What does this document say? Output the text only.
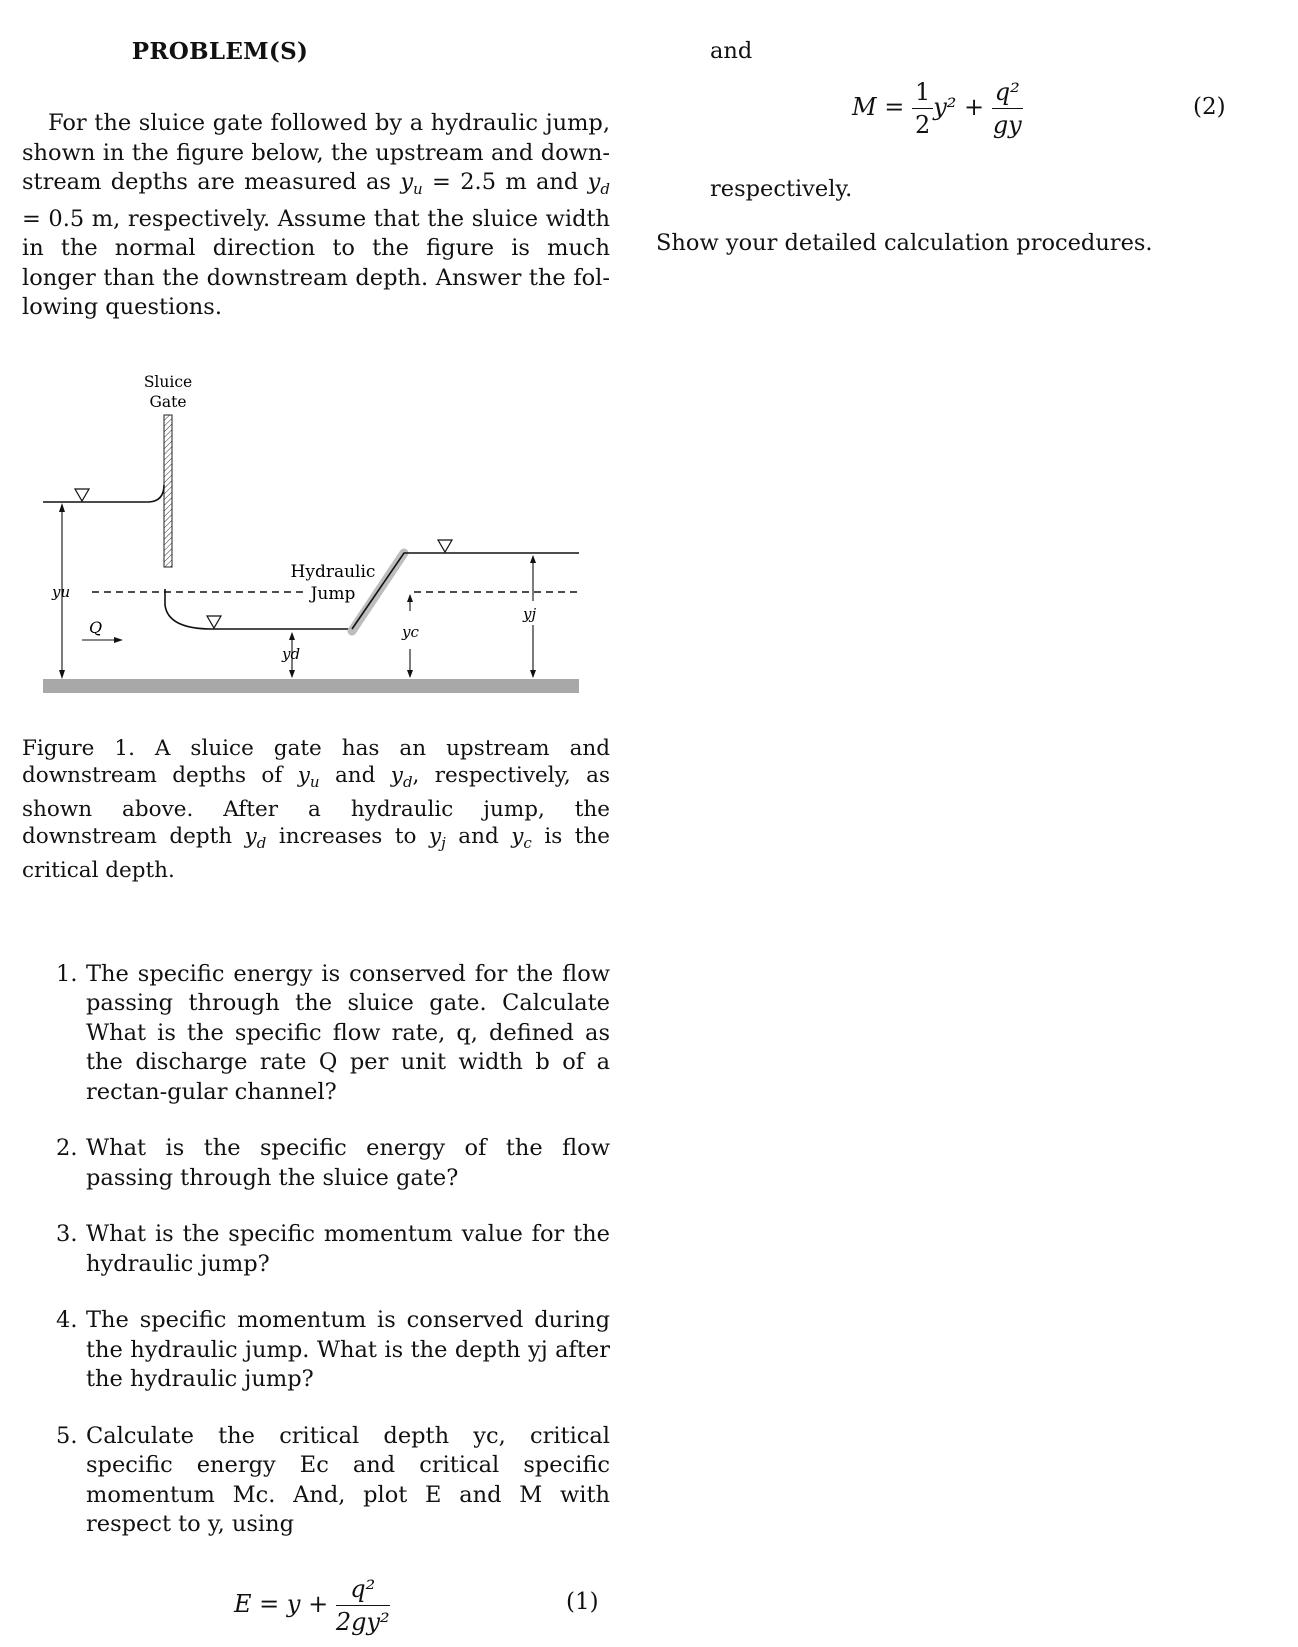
PROBLEM(S)
For the sluice gate followed by a hydraulic jump, shown in the figure below, the upstream and down-stream depths are measured as $y_u = 2.5$ m and $y_d = 0.5$ m, respectively. Assume that the sluice width in the normal direction to the figure is much longer than the downstream depth. Answer the fol-lowing questions.
Sluice
Gate
Hydraulic
Jump
yu
Q
yd
yc
yj
Figure 1. A sluice gate has an upstream and downstream depths of $y_u$ and $y_d$, respectively, as shown above. After a hydraulic jump, the downstream depth $y_d$ increases to $y_j$ and $y_c$ is the critical depth.
1. The specific energy is conserved for the flow passing through the sluice gate. Calculate What is the specific flow rate, q, defined as the discharge rate Q per unit width b of a rectan-gular channel?
2. What is the specific energy of the flow passing through the sluice gate?
3. What is the specific momentum value for the hydraulic jump?
4. The specific momentum is conserved during the hydraulic jump. What is the depth yj after the hydraulic jump?
5. Calculate the critical depth yc, critical specific energy Ec and critical specific momentum Mc. And, plot E and M with respect to y, using
$E = y + \frac{\text{q²}}{\text{2gy²}}$	(1)
and
$M = \frac{1}{2} y^2 + \frac{\text{q²}}{gy}$	(2)
respectively.
Show your detailed calculation procedures.
